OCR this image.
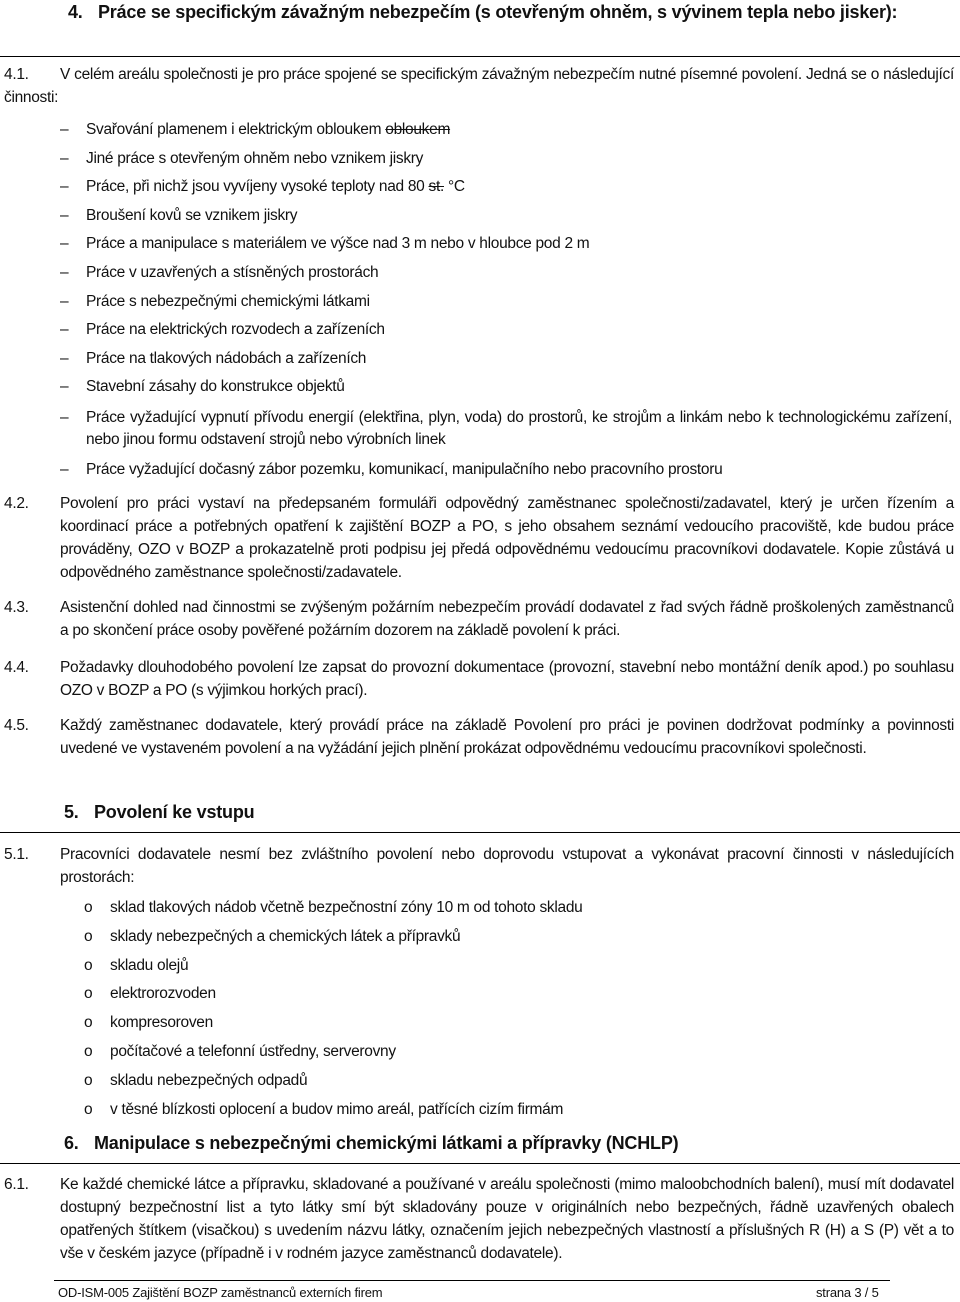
4. Práce se specifickým závažným nebezpečím (s otevřeným ohněm, s vývinem tepla nebo jisker):
4.1.	V celém areálu společnosti je pro práce spojené se specifickým závažným nebezpečím nutné písemné povolení. Jedná se o následující činnosti:
– Svařování plamenem i elektrickým obloukem obloukem
– Jiné práce s otevřeným ohněm nebo vznikem jiskry
– Práce, při nichž jsou vyvíjeny vysoké teploty nad 80 st. °C
– Broušení kovů se vznikem jiskry
– Práce a manipulace s materiálem ve výšce nad 3 m nebo v hloubce pod 2 m
– Práce v uzavřených a stísněných prostorách
– Práce s nebezpečnými chemickými látkami
– Práce na elektrických rozvodech a zařízeních
– Práce na tlakových nádobách a zařízeních
– Stavební zásahy do konstrukce objektů
– Práce vyžadující vypnutí přívodu energií (elektřina, plyn, voda) do prostorů, ke strojům a linkám nebo k technologickému zařízení, nebo jinou formu odstavení strojů nebo výrobních linek
– Práce vyžadující dočasný zábor pozemku, komunikací, manipulačního nebo pracovního prostoru
4.2.	Povolení pro práci vystaví na předepsaném formuláři odpovědný zaměstnanec společnosti/zadavatel, který je určen řízením a koordinací práce a potřebných opatření k zajištění BOZP a PO, s jeho obsahem seznámí vedoucího pracoviště, kde budou práce prováděny, OZO v BOZP a prokazatelně proti podpisu jej předá odpovědnému vedoucímu pracovníkovi dodavatele. Kopie zůstává u odpovědného zaměstnance společnosti/zadavatele.
4.3.	Asistenční dohled nad činnostmi se zvýšeným požárním nebezpečím provádí dodavatel z řad svých řádně proškolených zaměstnanců a po skončení práce osoby pověřené požárním dozorem na základě povolení k práci.
4.4.	Požadavky dlouhodobého povolení lze zapsat do provozní dokumentace (provozní, stavební nebo montážní deník apod.) po souhlasu OZO v BOZP a PO (s výjimkou horkých prací).
4.5.	Každý zaměstnanec dodavatele, který provádí práce na základě Povolení pro práci je povinen dodržovat podmínky a povinnosti uvedené ve vystaveném povolení a na vyžádání jejich plnění prokázat odpovědnému vedoucímu pracovníkovi společnosti.
5. Povolení ke vstupu
5.1.	Pracovníci dodavatele nesmí bez zvláštního povolení nebo doprovodu vstupovat a vykonávat pracovní činnosti v následujících prostorách:
o sklad tlakových nádob včetně bezpečnostní zóny 10 m od tohoto skladu
o sklady nebezpečných a chemických látek a přípravků
o skladu olejů
o elektrorozvoden
o kompresoroven
o počítačové a telefonní ústředny, serverovny
o skladu nebezpečných odpadů
o v těsné blízkosti oplocení a budov mimo areál, patřících cizím firmám
6. Manipulace s nebezpečnými chemickými látkami a přípravky (NCHLP)
6.1.	Ke každé chemické látce a přípravku, skladované a používané v areálu společnosti (mimo maloobchodních balení), musí mít dodavatel dostupný bezpečnostní list a tyto látky smí být skladovány pouze v originálních nebo bezpečných, řádně uzavřených obalech opatřených štítkem (visačkou) s uvedením názvu látky, označením jejich nebezpečných vlastností a příslušných R (H) a S (P) vět a to vše v českém jazyce (případně i v rodném jazyce zaměstnanců dodavatele).
OD-ISM-005 Zajištění BOZP zaměstnanců externích firem	strana 3 / 5
